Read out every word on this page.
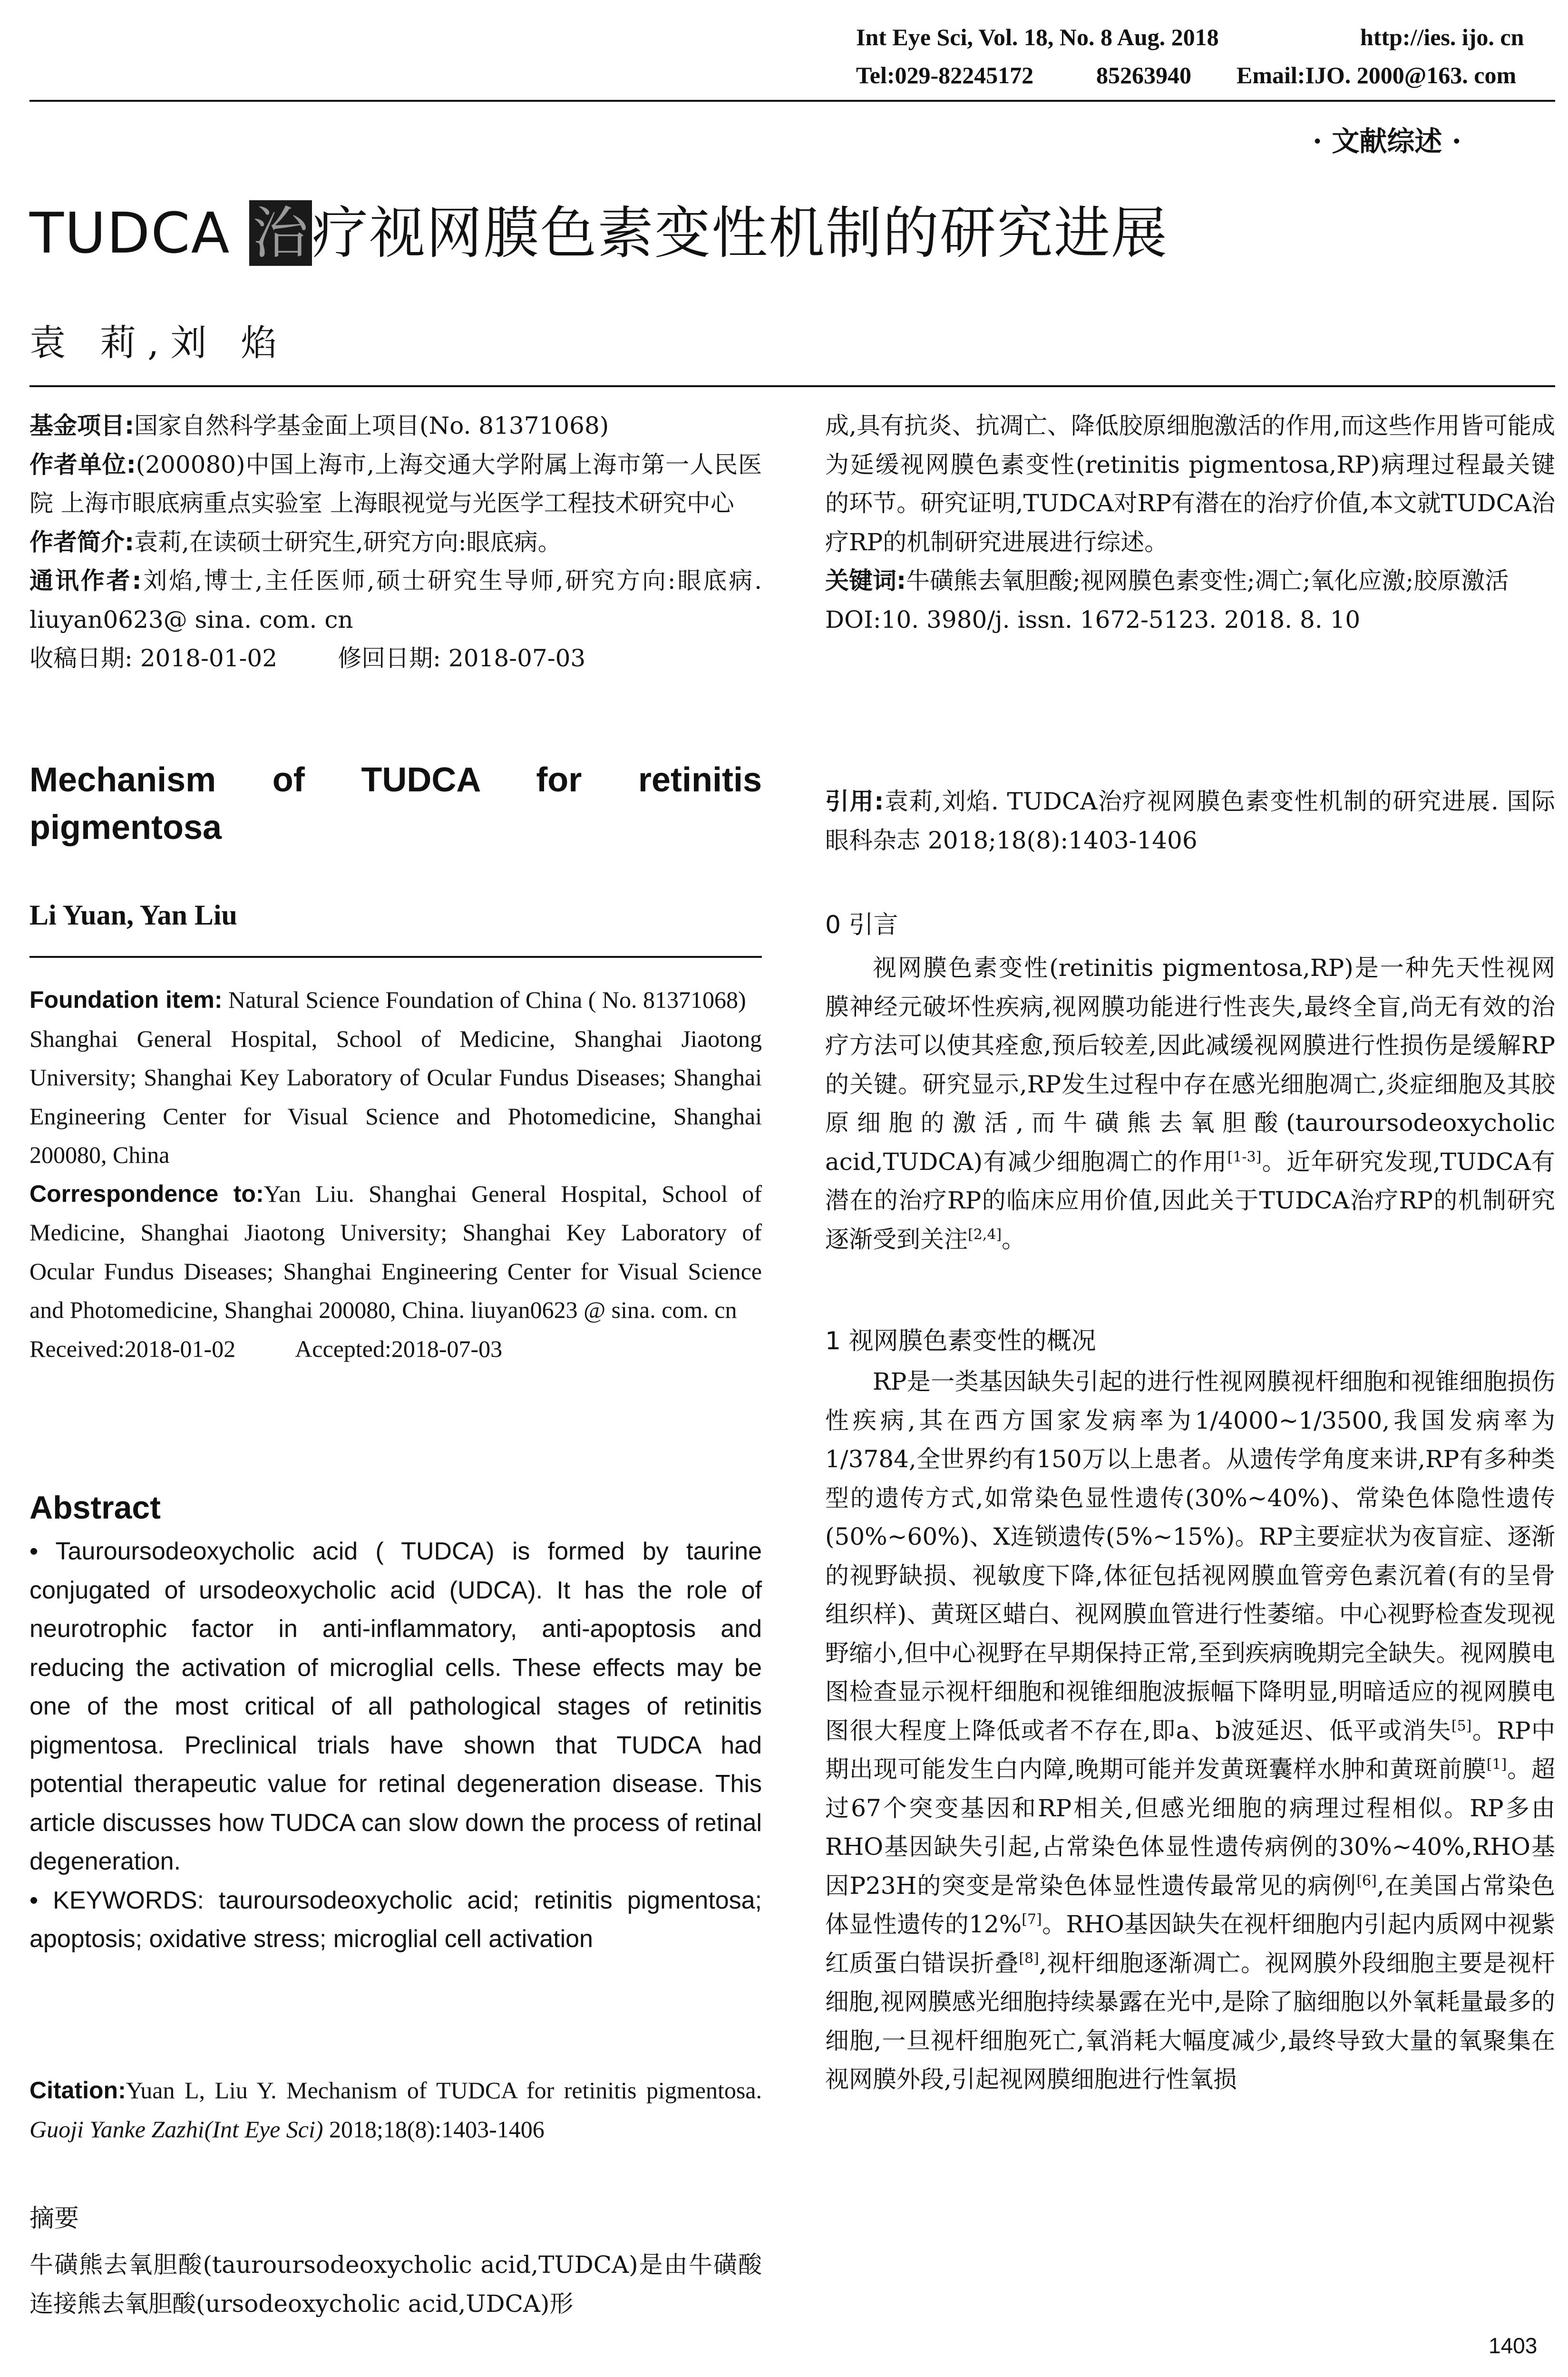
Int Eye Sci, Vol. 18, No. 8 Aug. 2018	http://ies. ijo. cn
Tel:029-82245172	85263940 Email:IJO. 2000@163. com
· 文献综述 ·
TUDCA 治疗视网膜色素变性机制的研究进展
袁 莉,刘 焰

基金项目:国家自然科学基金面上项目(No. 81371068)

作者单位:(200080)中国上海市,上海交通大学附属上海市第一人民医院 上海市眼底病重点实验室 上海眼视觉与光医学工程技术研究中心

作者简介:袁莉,在读硕士研究生,研究方向:眼底病。

通讯作者:刘焰,博士,主任医师,硕士研究生导师,研究方向:眼底病. liuyan0623@ sina. com. cn

收稿日期: 2018-01-02	修回日期: 2018-07-03

Mechanism of TUDCA for retinitis
pigmentosa
Li Yuan, Yan Liu

Foundation item: Natural Science Foundation of China ( No. 81371068)

Shanghai General Hospital, School of Medicine, Shanghai Jiaotong University; Shanghai Key Laboratory of Ocular Fundus Diseases; Shanghai Engineering Center for Visual Science and Photomedicine, Shanghai 200080, China

Correspondence to:Yan Liu. Shanghai General Hospital, School of Medicine, Shanghai Jiaotong University; Shanghai Key Laboratory of Ocular Fundus Diseases; Shanghai Engineering Center for Visual Science and Photomedicine, Shanghai 200080, China. liuyan0623 @ sina. com. cn

Received:2018-01-02	Accepted:2018-07-03

Abstract

• Tauroursodeoxycholic acid ( TUDCA) is formed by taurine conjugated of ursodeoxycholic acid (UDCA). It has the role of neurotrophic factor in anti-inflammatory, anti-apoptosis and reducing the activation of microglial cells. These effects may be one of the most critical of all pathological stages of retinitis pigmentosa. Preclinical trials have shown that TUDCA had potential therapeutic value for retinal degeneration disease. This article discusses how TUDCA can slow down the process of retinal degeneration.

• KEYWORDS: tauroursodeoxycholic acid; retinitis pigmentosa; apoptosis; oxidative stress; microglial cell activation

Citation:Yuan L, Liu Y. Mechanism of TUDCA for retinitis pigmentosa. Guoji Yanke Zazhi(Int Eye Sci) 2018;18(8):1403-1406

摘要

牛磺熊去氧胆酸(tauroursodeoxycholic acid,TUDCA)是由牛磺酸连接熊去氧胆酸(ursodeoxycholic acid,UDCA)形

成,具有抗炎、抗凋亡、降低胶原细胞激活的作用,而这些作用皆可能成为延缓视网膜色素变性(retinitis pigmentosa,RP)病理过程最关键的环节。研究证明,TUDCA对RP有潜在的治疗价值,本文就TUDCA治疗RP的机制研究进展进行综述。

关键词:牛磺熊去氧胆酸;视网膜色素变性;凋亡;氧化应激;胶原激活

DOI:10. 3980/j. issn. 1672-5123. 2018. 8. 10

引用:袁莉,刘焰. TUDCA治疗视网膜色素变性机制的研究进展. 国际眼科杂志 2018;18(8):1403-1406

0 引言

视网膜色素变性(retinitis pigmentosa,RP)是一种先天性视网膜神经元破坏性疾病,视网膜功能进行性丧失,最终全盲,尚无有效的治疗方法可以使其痊愈,预后较差,因此减缓视网膜进行性损伤是缓解RP的关键。研究显示,RP发生过程中存在感光细胞凋亡,炎症细胞及其胶原细胞的激活,而牛磺熊去氧胆酸(tauroursodeoxycholic acid,TUDCA)有减少细胞凋亡的作用[1-3]。近年研究发现,TUDCA有潜在的治疗RP的临床应用价值,因此关于TUDCA治疗RP的机制研究逐渐受到关注[2,4]。

1 视网膜色素变性的概况

RP是一类基因缺失引起的进行性视网膜视杆细胞和视锥细胞损伤性疾病,其在西方国家发病率为1/4000~1/3500,我国发病率为1/3784,全世界约有150万以上患者。从遗传学角度来讲,RP有多种类型的遗传方式,如常染色显性遗传(30%~40%)、常染色体隐性遗传(50%~60%)、X连锁遗传(5%~15%)。RP主要症状为夜盲症、逐渐的视野缺损、视敏度下降,体征包括视网膜血管旁色素沉着(有的呈骨组织样)、黄斑区蜡白、视网膜血管进行性萎缩。中心视野检查发现视野缩小,但中心视野在早期保持正常,至到疾病晚期完全缺失。视网膜电图检查显示视杆细胞和视锥细胞波振幅下降明显,明暗适应的视网膜电图很大程度上降低或者不存在,即a、b波延迟、低平或消失[5]。RP中期出现可能发生白内障,晚期可能并发黄斑囊样水肿和黄斑前膜[1]。超过67个突变基因和RP相关,但感光细胞的病理过程相似。RP多由RHO基因缺失引起,占常染色体显性遗传病例的30%~40%,RHO基因P23H的突变是常染色体显性遗传最常见的病例[6],在美国占常染色体显性遗传的12%[7]。RHO基因缺失在视杆细胞内引起内质网中视紫红质蛋白错误折叠[8],视杆细胞逐渐凋亡。视网膜外段细胞主要是视杆细胞,视网膜感光细胞持续暴露在光中,是除了脑细胞以外氧耗量最多的细胞,一旦视杆细胞死亡,氧消耗大幅度减少,最终导致大量的氧聚集在视网膜外段,引起视网膜细胞进行性氧损

1403
